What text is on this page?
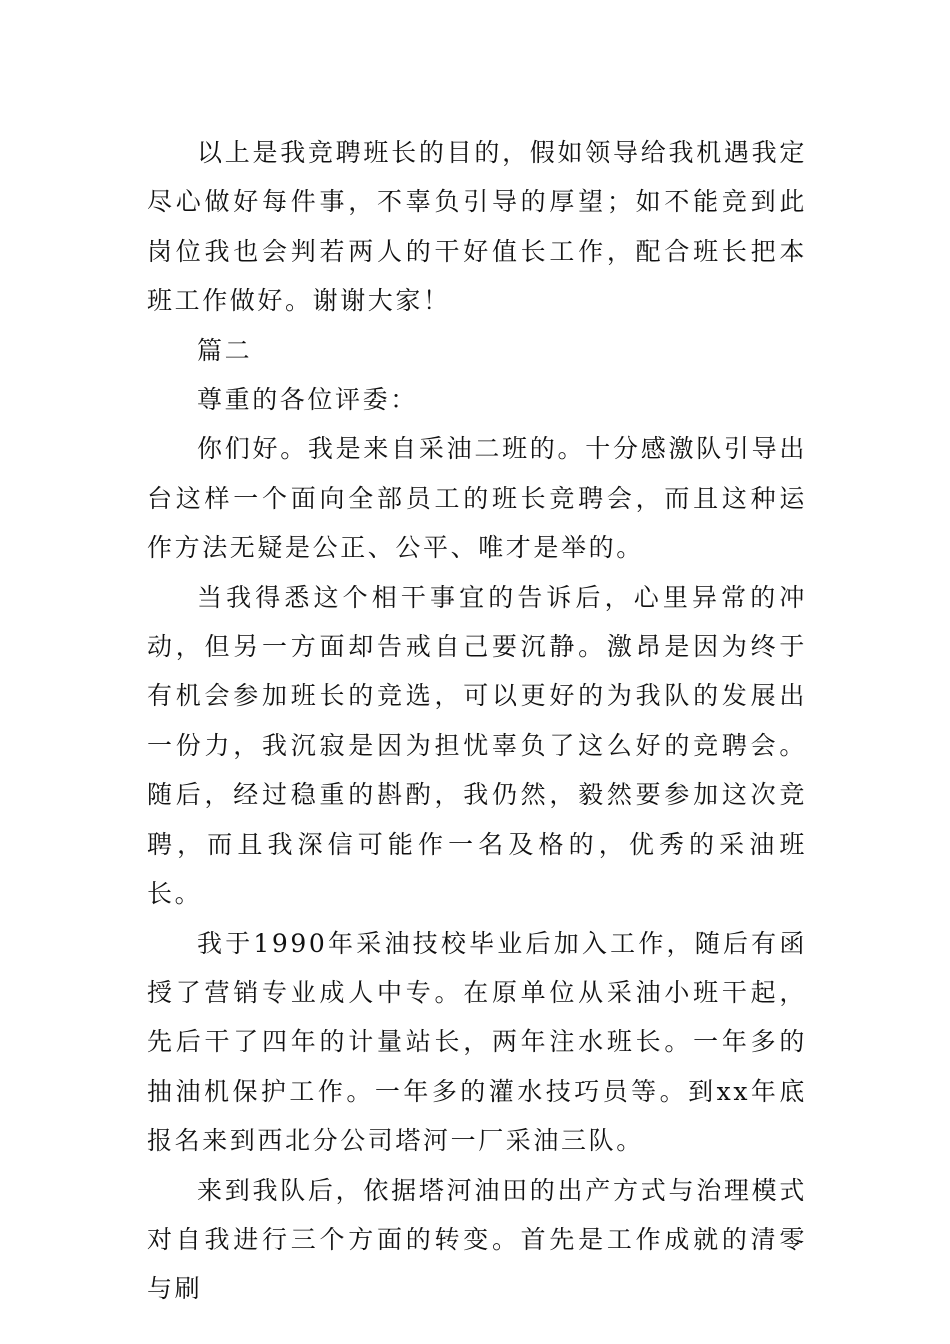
以上是我竞聘班长的目的，假如领导给我机遇我定尽心做好每件事，不辜负引导的厚望；如不能竞到此岗位我也会判若两人的干好值长工作，配合班长把本班工作做好。谢谢大家！

篇二

尊重的各位评委：

你们好。我是来自采油二班的。十分感激队引导出台这样一个面向全部员工的班长竞聘会，而且这种运作方法无疑是公正、公平、唯才是举的。

当我得悉这个相干事宜的告诉后，心里异常的冲动，但另一方面却告戒自己要沉静。激昂是因为终于有机会参加班长的竞选，可以更好的为我队的发展出一份力，我沉寂是因为担忧辜负了这么好的竞聘会。随后，经过稳重的斟酌，我仍然，毅然要参加这次竞聘，而且我深信可能作一名及格的，优秀的采油班长。

我于1990年采油技校毕业后加入工作，随后有函授了营销专业成人中专。在原单位从采油小班干起，先后干了四年的计量站长，两年注水班长。一年多的抽油机保护工作。一年多的灌水技巧员等。到xx年底报名来到西北分公司塔河一厂采油三队。

来到我队后，依据塔河油田的出产方式与治理模式对自我进行三个方面的转变。首先是工作成就的清零与刷
